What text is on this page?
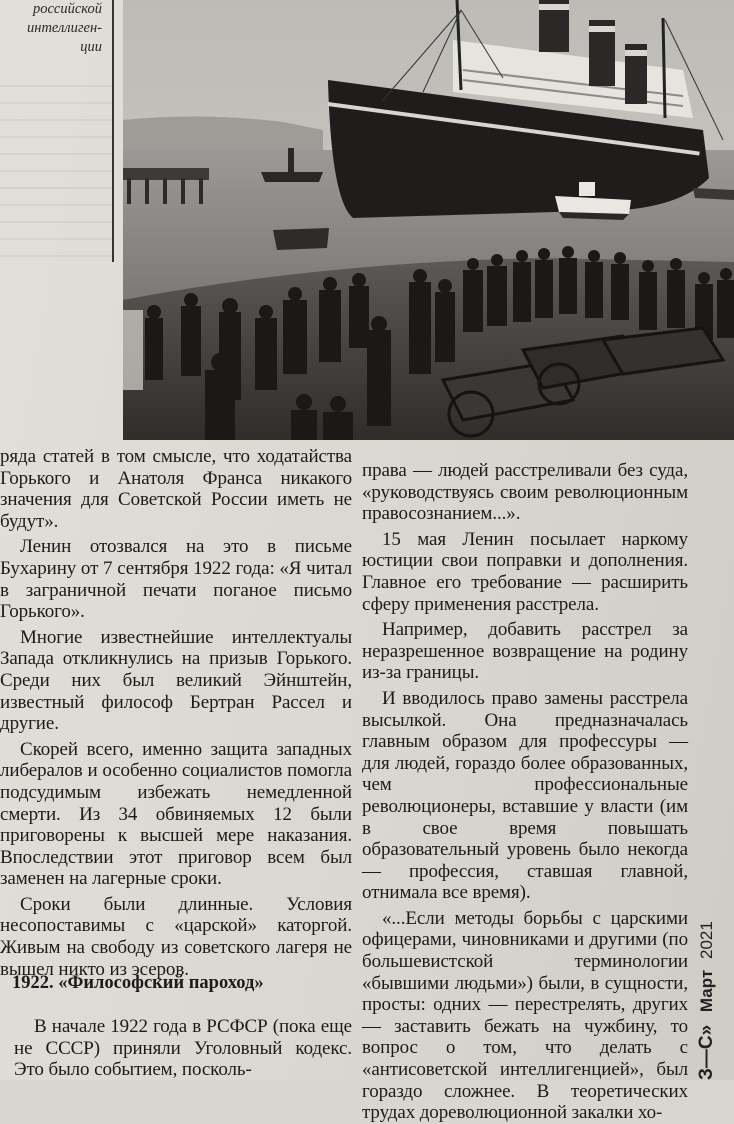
российской
интеллиген-
ции

ряда статей в том смысле, что ходатайства Горького и Анатоля Франса никакого значения для Советской России иметь не будут».

Ленин отозвался на это в письме Бухарину от 7 сентября 1922 года: «Я читал в заграничной печати поганое письмо Горького».

Многие известнейшие интеллектуалы Запада откликнулись на призыв Горького. Среди них был великий Эйнштейн, известный философ Бертран Рассел и другие.

Скорей всего, именно защита западных либералов и особенно социалистов помогла подсудимым избежать немедленной смерти. Из 34 обвиняемых 12 были приговорены к высшей мере наказания. Впоследствии этот приговор всем был заменен на лагерные сроки.

Сроки были длинные. Условия несопоставимы с «царской» каторгой. Живым на свободу из советского лагеря не вышел никто из эсеров.

1922. «Философский пароход»

В начале 1922 года в РСФСР (пока еще не СССР) приняли Уголовный кодекс. Это было событием, посколь-

права — людей расстреливали без суда, «руководствуясь своим революционным правосознанием...».

15 мая Ленин посылает наркому юстиции свои поправки и дополнения. Главное его требование — расширить сферу применения расстрела.

Например, добавить расстрел за неразрешенное возвращение на родину из-за границы.

И вводилось право замены расстрела высылкой. Она предназначалась главным образом для профессуры — для людей, гораздо более образованных, чем профессиональные революционеры, вставшие у власти (им в свое время повышать образовательный уровень было некогда — профессия, ставшая главной, отнимала все время).

«...Если методы борьбы с царскими офицерами, чиновниками и другими (по большевистской терминологии «бывшими людьми») были, в сущности, просты: одних — перестрелять, других — заставить бежать на чужбину, то вопрос о том, что делать с «антисоветской интеллигенцией», был гораздо сложнее. В теоретических трудах дореволюционной закалки хо-

З—С» Март 2021
